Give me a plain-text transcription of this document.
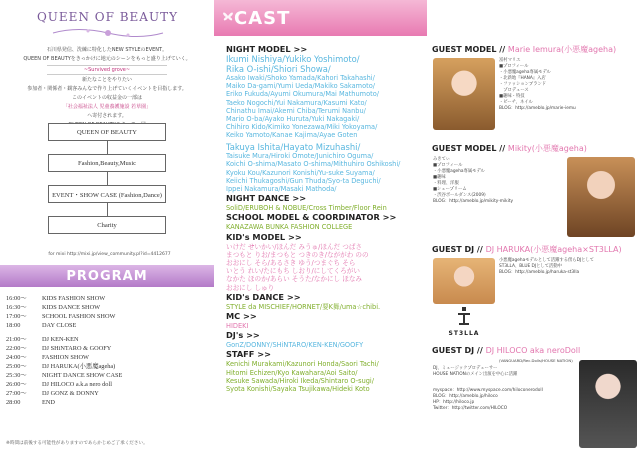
QUEEN OF BEAUTY

石川県発信、洗練に特化したNEW STYLEのEVENT。

QUEEN OF BEAUTYをきっかけに地元のシーンをもっと盛り上げていく。

~Survived grove~

新たなことをやりたい

参加者・関係者・観客みんなで作り上げていくイベントを目指します。

このイベントの収益金の一部は

「社会福祉法人 児童養護施設 若草園」

へ寄付されます。

QUEEN OF BEAUTY
Fashion,Beauty,Music
EVENT・SHOW CASE (Fashion,Dance)
Charity
for mixi http://mixi.jp/view_community.pl?id=4412677
PROGRAM
16:00～	KIDS FASHION SHOW
16:30～	KIDS DANCE SHOW
17:00～	SCHOOL FASHION SHOW
18:00	DAY CLOSE
21:00～	DJ KEN-KEN
22:00～	DJ SHiNTARO & GOOFY
24:00～	FASHION SHOW
25:00～	DJ HARUKA(小悪魔ageha)
25:30～	NIGHT DANCE SHOW CASE
26:00～	DJ HILOCO a.k.a nero doll
27:00～	DJ GONZ & DONNY
28:00	END
※時間は前後する可能性がありますのであらかじめご了承ください。
CAST
NIGHT MODEL >>
Ikumi Nishiya/Yukiko Yoshimoto/
Rika O-ishi/Shiori Showa/
Asako Iwaki/Shoko Yamada/Kahori Takahashi/
Maiko Da-gami/Yumi Ueda/Makiko Sakamoto/
Eriko Fukuda/Ayumi Okumura/Mai Mathumoto/
Taeko Nogochi/Yui Nakamura/Kasumi Kato/
Chinathu Imai/Akemi Chiba/Terumi Nanbu/
Mario O-ba/Ayako Huruta/Yuki Nakagaki/
Chihiro Kido/Kimiko Yonezawa/Miki Yokoyama/
Keiko Yamoto/Kanae Kajima/Ayae Goten
Takuya Ishita/Hayato Mizuhashi/
Taisuke Mura/Hiroki Omote/Junichiro Oguma/
Koichi O-shima/Masato O-shima/Mithuhiro Oshikoshi/
Kyoku Kou/Kazunori Konishi/Yu-suke Suyama/
Keiichi Thukagoshi/Gun Thuda/Syo-ta Deguchi/
Ippei Nakamura/Masaki Mathoda/
NIGHT DANCE >>
SoliD/ERUBOH & NOBUE/Cross Timber/Floor Rein
SCHOOL MODEL & COORDINATOR >>
KANAZAWA BUNKA FASHION COLLEGE
KID's MODEL >>
いけだ せいかい/ほんだ みうゅ/ほんだ つばさ
まつもと りお/まつもと つきのき/なががわ のの
おおにし そら/あるさき ゆう/つまぐち そら
いとう れい/たにもち しおり/にしてくろがい
なかた ほのか/あらい そうた/なかにし ほなみ
おおにし しゅり
KID's DANCE >>
STYLE da MISCHIEF/HORNET/要K舞/uma☆chibi.
MC >>
HIDEKI
DJ's >>
GonZ/DONNY/SHiNTARO/KEN-KEN/GOOFY
STAFF >>
Kenichi Murakami/Kazunori Honda/Saori Tachi/
Hitomi Echizen/Kyo Kawahara/Aoi Saito/
Kesuke Sawada/Hiroki Ikeda/Shintaro O-sugi/
Syota Konishi/Sayaka Tsujikawa/Hideki Koto
GUEST MODEL // Marie Iemura(小悪魔ageha)
富村マリエ
■プロフィール
・小悪魔ageha専属モデル
・北新地『HANA』入店
・ファッションブランド
　プロデュース
■趣味・特技
・ビーチ、ネイル
BLOG：http://ameblo.jp/marie-iemu
GUEST MODEL // Mikity(小悪魔ageha)
みきてぃ
■プロフィール
・小悪魔ageha専属モデル
■趣味
・料理、洋服
■シュープリーム
・渋谷ポールダンス(2009)
BLOG：http://ameblo.jp/mikity-mikity
GUEST DJ // DJ HARUKA(小悪魔ageha×ST3LLA)
ST3LLA
小悪魔agehaモデルとして活躍する傍らDJとして
ST3LLA、BLUE DJとして活動中
BLOG：http://ameblo.jp/haruka-st3lla
GUEST DJ // DJ HILOCO aka neroDoll
(VANGUARD/Rec.Dolls/HOUSE NATION)
DJ、ミュージックプロデューサー
HOUSE NATIONのメイン出演を中心に活躍
myspace：http://www.myspace.com/hiloconerodoll
BLOG：http://ameblo.jp/hiloco
HP：http://hiloco.jp
Twitter：http://twitter.com/HILOCO
